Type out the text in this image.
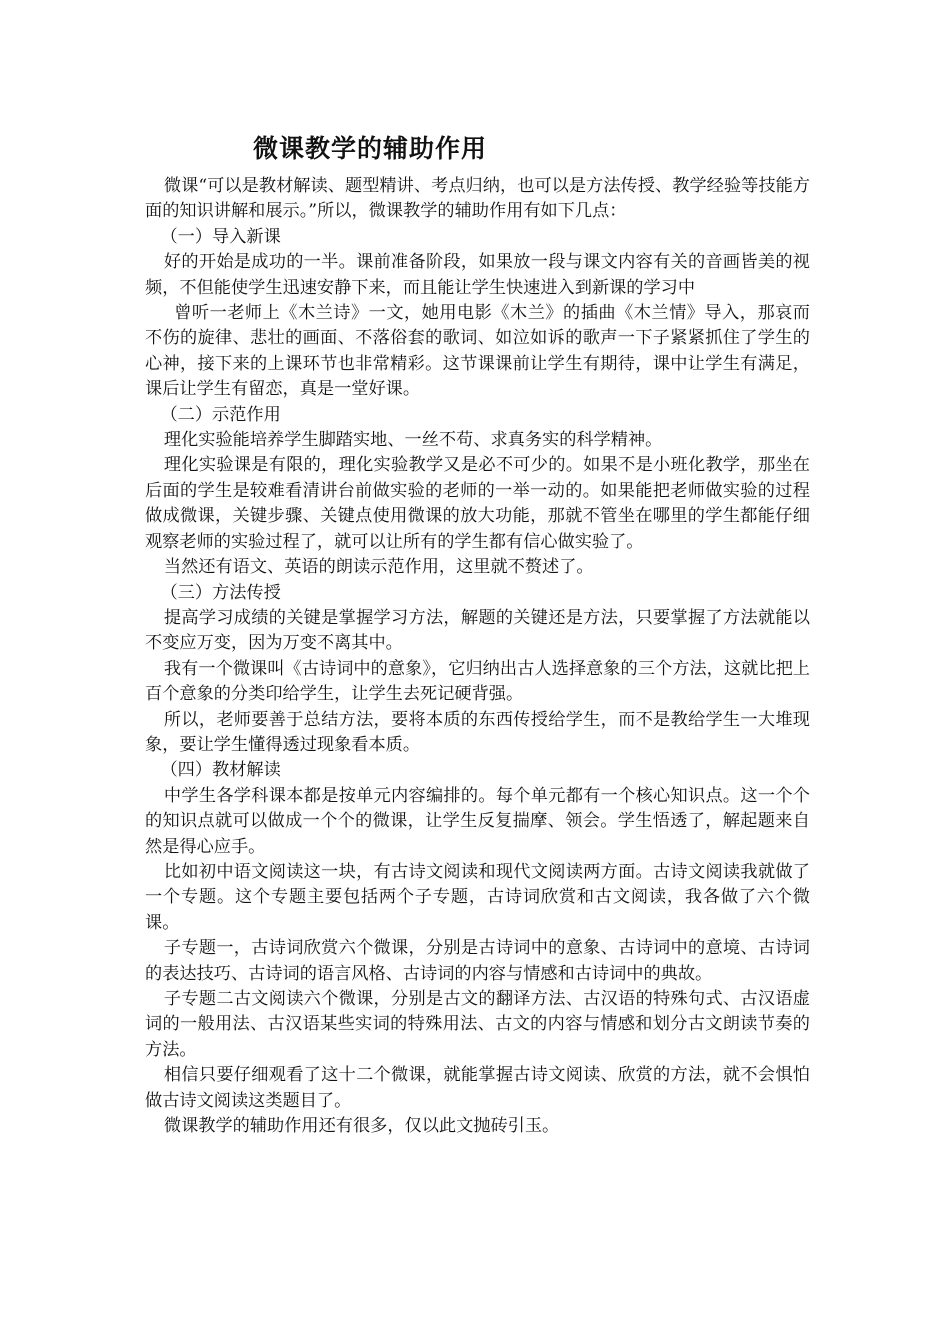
微课教学的辅助作用

微课“可以是教材解读、题型精讲、考点归纳，也可以是方法传授、教学经验等技能方面的知识讲解和展示。”所以，微课教学的辅助作用有如下几点：

（一）导入新课

好的开始是成功的一半。课前准备阶段，如果放一段与课文内容有关的音画皆美的视频，不但能使学生迅速安静下来，而且能让学生快速进入到新课的学习中

曾听一老师上《木兰诗》一文，她用电影《木兰》的插曲《木兰情》导入，那哀而不伤的旋律、悲壮的画面、不落俗套的歌词、如泣如诉的歌声一下子紧紧抓住了学生的心神，接下来的上课环节也非常精彩。这节课课前让学生有期待，课中让学生有满足，课后让学生有留恋，真是一堂好课。

（二）示范作用

理化实验能培养学生脚踏实地、一丝不苟、求真务实的科学精神。

理化实验课是有限的，理化实验教学又是必不可少的。如果不是小班化教学，那坐在后面的学生是较难看清讲台前做实验的老师的一举一动的。如果能把老师做实验的过程做成微课，关键步骤、关键点使用微课的放大功能，那就不管坐在哪里的学生都能仔细观察老师的实验过程了，就可以让所有的学生都有信心做实验了。

当然还有语文、英语的朗读示范作用，这里就不赘述了。

（三）方法传授

提高学习成绩的关键是掌握学习方法，解题的关键还是方法，只要掌握了方法就能以不变应万变，因为万变不离其中。

我有一个微课叫《古诗词中的意象》，它归纳出古人选择意象的三个方法，这就比把上百个意象的分类印给学生，让学生去死记硬背强。

所以，老师要善于总结方法，要将本质的东西传授给学生，而不是教给学生一大堆现象，要让学生懂得透过现象看本质。

（四）教材解读

中学生各学科课本都是按单元内容编排的。每个单元都有一个核心知识点。这一个个的知识点就可以做成一个个的微课，让学生反复揣摩、领会。学生悟透了，解起题来自然是得心应手。

比如初中语文阅读这一块，有古诗文阅读和现代文阅读两方面。古诗文阅读我就做了一个专题。这个专题主要包括两个子专题，古诗词欣赏和古文阅读，我各做了六个微课。

子专题一，古诗词欣赏六个微课，分别是古诗词中的意象、古诗词中的意境、古诗词的表达技巧、古诗词的语言风格、古诗词的内容与情感和古诗词中的典故。

子专题二古文阅读六个微课，分别是古文的翻译方法、古汉语的特殊句式、古汉语虚词的一般用法、古汉语某些实词的特殊用法、古文的内容与情感和划分古文朗读节奏的方法。

相信只要仔细观看了这十二个微课，就能掌握古诗文阅读、欣赏的方法，就不会惧怕做古诗文阅读这类题目了。

微课教学的辅助作用还有很多，仅以此文抛砖引玉。
